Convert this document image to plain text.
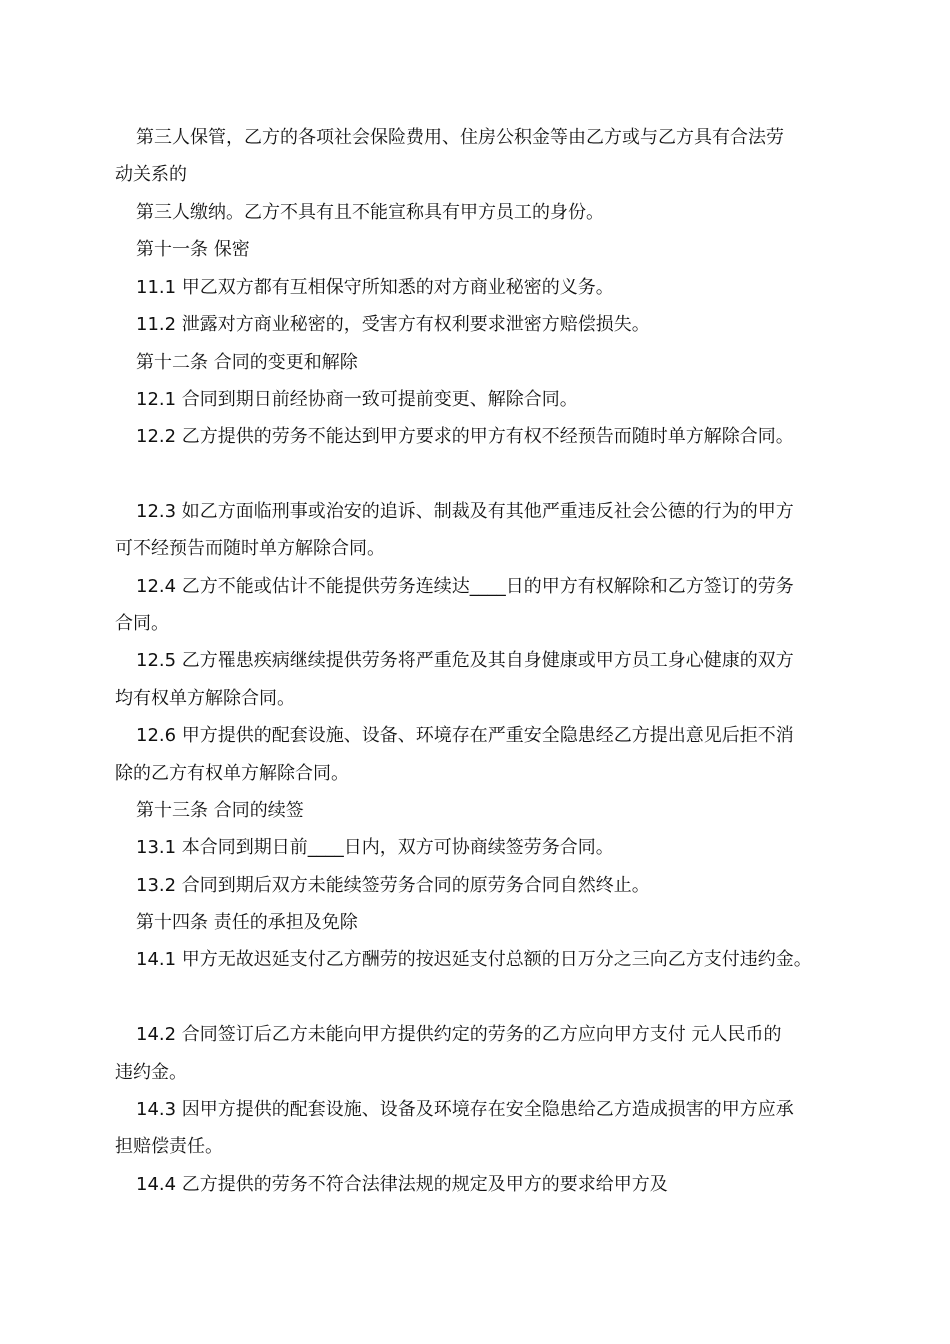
第三人保管，乙方的各项社会保险费用、住房公积金等由乙方或与乙方具有合法劳
动关系的
第三人缴纳。乙方不具有且不能宣称具有甲方员工的身份。
第十一条 保密
11.1 甲乙双方都有互相保守所知悉的对方商业秘密的义务。
11.2 泄露对方商业秘密的，受害方有权利要求泄密方赔偿损失。
第十二条 合同的变更和解除
12.1 合同到期日前经协商一致可提前变更、解除合同。
12.2 乙方提供的劳务不能达到甲方要求的甲方有权不经预告而随时单方解除合同。
12.3 如乙方面临刑事或治安的追诉、制裁及有其他严重违反社会公德的行为的甲方
可不经预告而随时单方解除合同。
12.4 乙方不能或估计不能提供劳务连续达____日的甲方有权解除和乙方签订的劳务
合同。
12.5 乙方罹患疾病继续提供劳务将严重危及其自身健康或甲方员工身心健康的双方
均有权单方解除合同。
12.6 甲方提供的配套设施、设备、环境存在严重安全隐患经乙方提出意见后拒不消
除的乙方有权单方解除合同。
第十三条 合同的续签
13.1 本合同到期日前____日内，双方可协商续签劳务合同。
13.2 合同到期后双方未能续签劳务合同的原劳务合同自然终止。
第十四条 责任的承担及免除
14.1 甲方无故迟延支付乙方酬劳的按迟延支付总额的日万分之三向乙方支付违约金。
14.2 合同签订后乙方未能向甲方提供约定的劳务的乙方应向甲方支付 元人民币的
违约金。
14.3 因甲方提供的配套设施、设备及环境存在安全隐患给乙方造成损害的甲方应承
担赔偿责任。
14.4 乙方提供的劳务不符合法律法规的规定及甲方的要求给甲方及
